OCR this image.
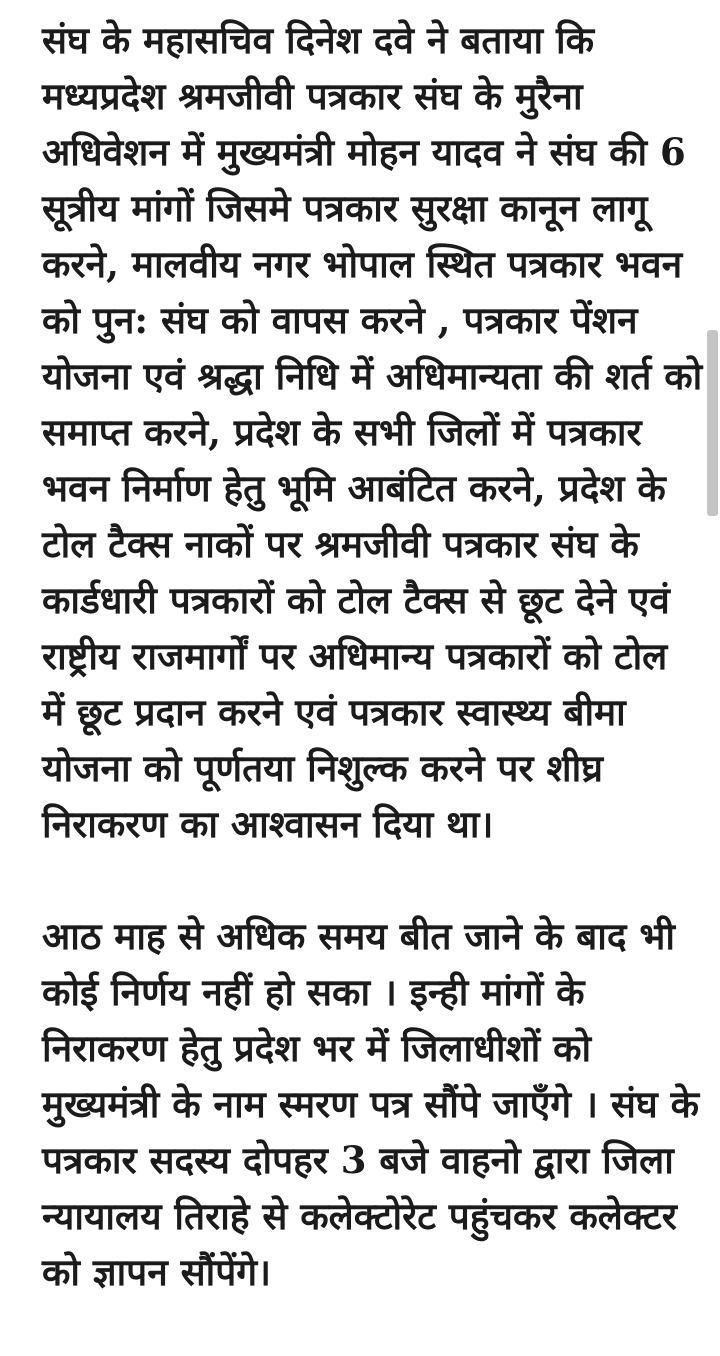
संघ के महासचिव दिनेश दवे ने बताया कि
मध्यप्रदेश श्रमजीवी पत्रकार संघ के मुरैना
अधिवेशन में मुख्यमंत्री मोहन यादव ने संघ की 6
सूत्रीय मांगों जिसमे पत्रकार सुरक्षा कानून लागू
करने, मालवीय नगर भोपाल स्थित पत्रकार भवन
को पुन: संघ को वापस करने , पत्रकार पेंशन
योजना एवं श्रद्धा निधि में अधिमान्यता की शर्त को
समाप्त करने, प्रदेश के सभी जिलों में पत्रकार
भवन निर्माण हेतु भूमि आबंटित करने, प्रदेश के
टोल टैक्स नाकों पर श्रमजीवी पत्रकार संघ के
कार्डधारी पत्रकारों को टोल टैक्स से छूट देने एवं
राष्ट्रीय राजमार्गों पर अधिमान्य पत्रकारों को टोल
में छूट प्रदान करने एवं पत्रकार स्वास्थ्य बीमा
योजना को पूर्णतया निशुल्क करने पर शीघ्र
निराकरण का आश्वासन दिया था।
आठ माह से अधिक समय बीत जाने के बाद भी
कोई निर्णय नहीं हो सका । इन्ही मांगों के
निराकरण हेतु प्रदेश भर में जिलाधीशों को
मुख्यमंत्री के नाम स्मरण पत्र सौंपे जाएँगे । संघ के
पत्रकार सदस्य दोपहर 3 बजे वाहनो द्वारा जिला
न्यायालय तिराहे से कलेक्टोरेट पहुंचकर कलेक्टर
को ज्ञापन सौंपेंगे।
